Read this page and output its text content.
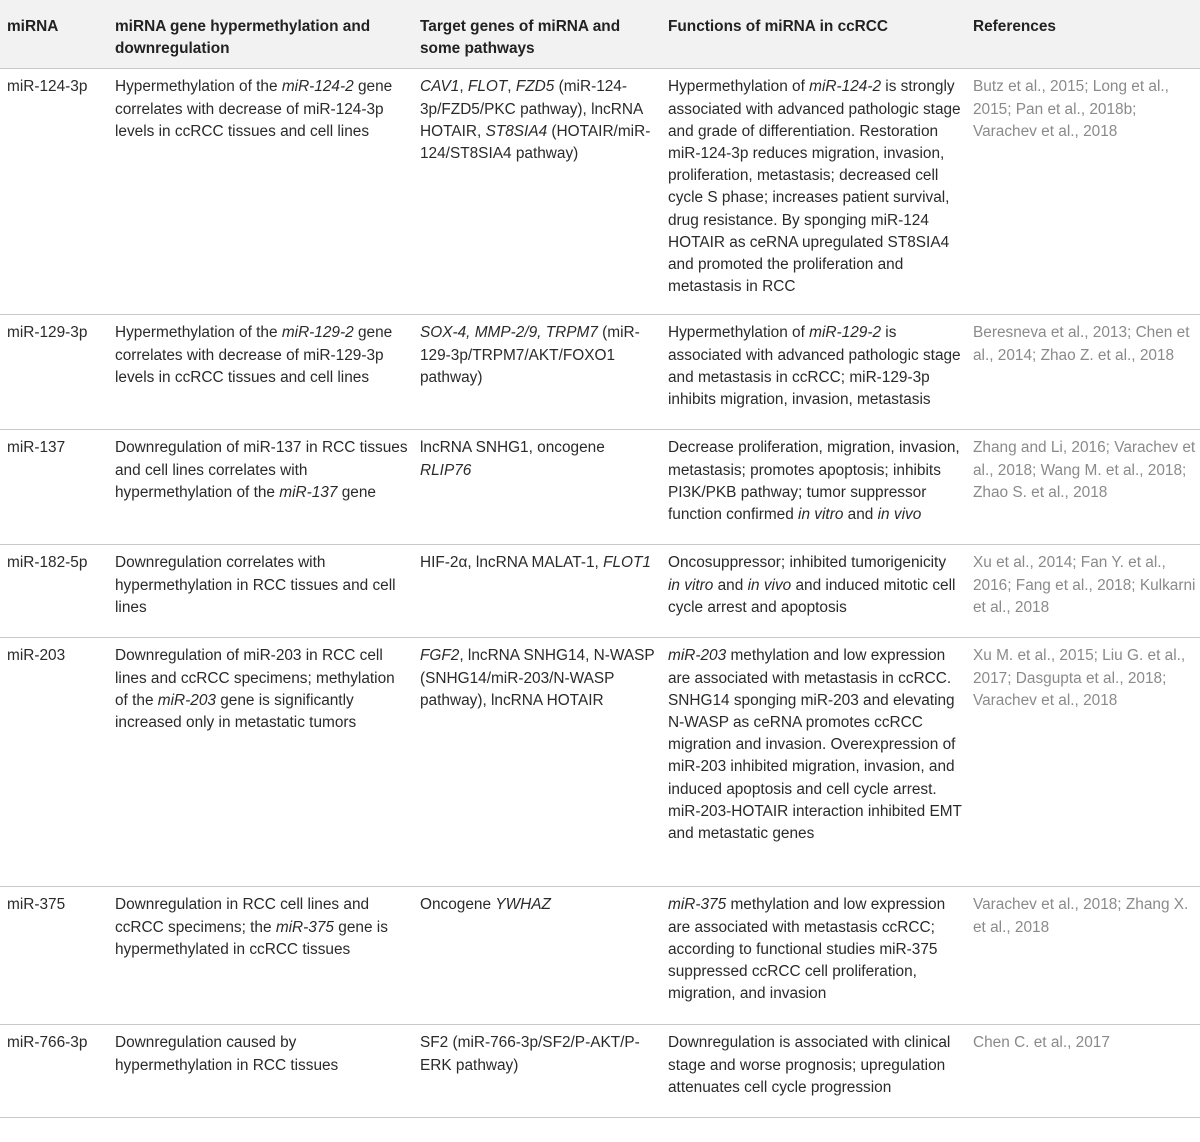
miRNA	miRNA gene hypermethylation and downregulation	Target genes of miRNA and some pathways	Functions of miRNA in ccRCC	References
miR-124-3p	Hypermethylation of the miR-124-2 gene correlates with decrease of miR-124-3p levels in ccRCC tissues and cell lines	CAV1, FLOT, FZD5 (miR-124-3p/FZD5/PKC pathway), lncRNA HOTAIR, ST8SIA4 (HOTAIR/miR-124/ST8SIA4 pathway)	Hypermethylation of miR-124-2 is strongly associated with advanced pathologic stage and grade of differentiation. Restoration miR-124-3p reduces migration, invasion, proliferation, metastasis; decreased cell cycle S phase; increases patient survival, drug resistance. By sponging miR-124 HOTAIR as ceRNA upregulated ST8SIA4 and promoted the proliferation and metastasis in RCC	Butz et al., 2015; Long et al., 2015; Pan et al., 2018b; Varachev et al., 2018
miR-129-3p	Hypermethylation of the miR-129-2 gene correlates with decrease of miR-129-3p levels in ccRCC tissues and cell lines	SOX-4, MMP-2/9, TRPM7 (miR-129-3p/TRPM7/AKT/FOXO1 pathway)	Hypermethylation of miR-129-2 is associated with advanced pathologic stage and metastasis in ccRCC; miR-129-3p inhibits migration, invasion, metastasis	Beresneva et al., 2013; Chen et al., 2014; Zhao Z. et al., 2018
miR-137	Downregulation of miR-137 in RCC tissues and cell lines correlates with hypermethylation of the miR-137 gene	lncRNA SNHG1, oncogene RLIP76	Decrease proliferation, migration, invasion, metastasis; promotes apoptosis; inhibits PI3K/PKB pathway; tumor suppressor function confirmed in vitro and in vivo	Zhang and Li, 2016; Varachev et al., 2018; Wang M. et al., 2018; Zhao S. et al., 2018
miR-182-5p	Downregulation correlates with hypermethylation in RCC tissues and cell lines	HIF-2α, lncRNA MALAT-1, FLOT1	Oncosuppressor; inhibited tumorigenicity in vitro and in vivo and induced mitotic cell cycle arrest and apoptosis	Xu et al., 2014; Fan Y. et al., 2016; Fang et al., 2018; Kulkarni et al., 2018
miR-203	Downregulation of miR-203 in RCC cell lines and ccRCC specimens; methylation of the miR-203 gene is significantly increased only in metastatic tumors	FGF2, lncRNA SNHG14, N-WASP (SNHG14/miR-203/N-WASP pathway), lncRNA HOTAIR	miR-203 methylation and low expression are associated with metastasis in ccRCC. SNHG14 sponging miR-203 and elevating N-WASP as ceRNA promotes ccRCC migration and invasion. Overexpression of miR-203 inhibited migration, invasion, and induced apoptosis and cell cycle arrest. miR-203-HOTAIR interaction inhibited EMT and metastatic genes	Xu M. et al., 2015; Liu G. et al., 2017; Dasgupta et al., 2018; Varachev et al., 2018
miR-375	Downregulation in RCC cell lines and ccRCC specimens; the miR-375 gene is hypermethylated in ccRCC tissues	Oncogene YWHAZ	miR-375 methylation and low expression are associated with metastasis ccRCC; according to functional studies miR-375 suppressed ccRCC cell proliferation, migration, and invasion	Varachev et al., 2018; Zhang X. et al., 2018
miR-766-3p	Downregulation caused by hypermethylation in RCC tissues	SF2 (miR-766-3p/SF2/P-AKT/P-ERK pathway)	Downregulation is associated with clinical stage and worse prognosis; upregulation attenuates cell cycle progression	Chen C. et al., 2017
